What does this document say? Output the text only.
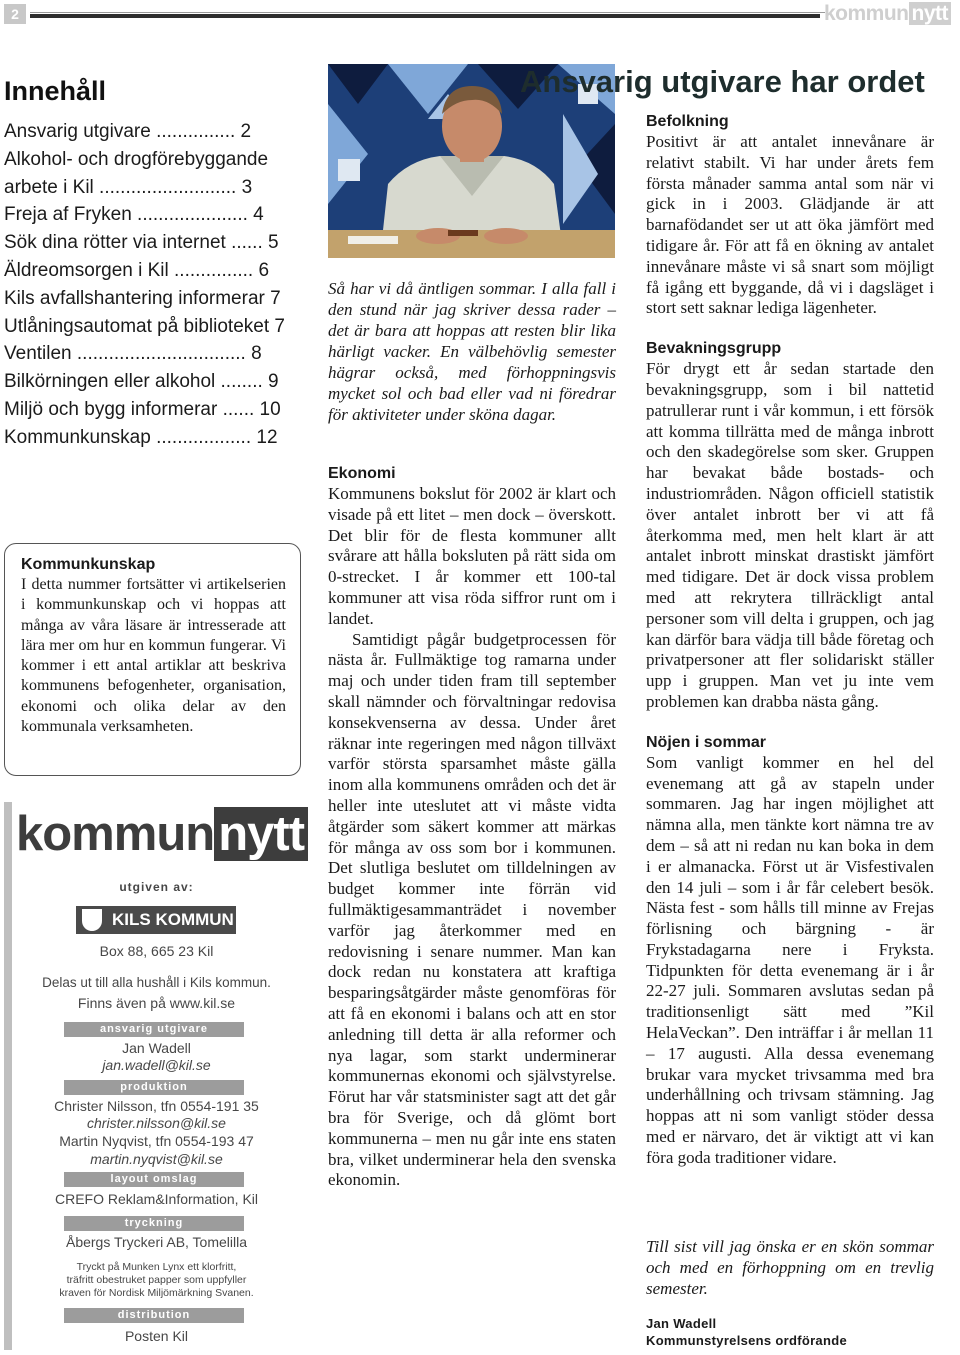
2	kommun nytt
Innehåll
Ansvarig utgivare ............... 2
Alkohol- och drogförebyggande
arbete i Kil .......................... 3
Freja af Fryken ..................... 4
Sök dina rötter via internet ...... 5
Äldreomsorgen i Kil ............... 6
Kils avfallshantering informerar 7
Utlåningsautomat på biblioteket 7
Ventilen ................................ 8
Bilkörningen eller alkohol ........ 9
Miljö och bygg informerar ...... 10
Kommunkunskap .................. 12
Kommunkunskap

I detta nummer fortsätter vi artikelserien i kommunkunskap och vi hoppas att många av våra läsare är intresserade att lära mer om hur en kommun fungerar. Vi kommer i ett antal artiklar att beskriva kommunens befogenheter, organisation, ekonomi och olika delar av den kommunala verksamheten.

kommunnytt
utgiven av:
KILS KOMMUN
Box 88, 665 23 Kil
Delas ut till alla hushåll i Kils kommun.
Finns även på www.kil.se
ansvarig utgivare
Jan Wadell
jan.wadell@kil.se
produktion
Christer Nilsson, tfn 0554-191 35
christer.nilsson@kil.se
Martin Nyqvist, tfn 0554-193 47
martin.nyqvist@kil.se
layout omslag
CREFO Reklam&Information, Kil
tryckning
Åbergs Tryckeri AB, Tomelilla
Tryckt på Munken Lynx ett klorfritt,
träfritt obestruket papper som uppfyller
kraven för Nordisk Miljömärkning Svanen.
distribution
Posten Kil
Ansvarig utgivare har ordet

Så har vi då äntligen sommar. I alla fall i den stund när jag skriver dessa rader – det är bara att hoppas att resten blir lika härligt vacker. En välbehövlig semester hägrar också, med förhoppningsvis mycket sol och bad eller vad ni föredrar för aktiviteter under sköna dagar.

Ekonomi

Kommunens bokslut för 2002 är klart och visade på ett litet – men dock – överskott. Det blir för de flesta kommuner allt svårare att hålla boksluten på rätt sida om 0-strecket. I år kommer ett 100-tal kommuner att visa röda siffror runt om i landet.

Samtidigt pågår budgetprocessen för nästa år. Fullmäktige tog ramarna under maj och under tiden fram till september skall nämnder och förvaltningar redovisa konsekvenserna av dessa. Under året räknar inte regeringen med någon tillväxt varför största sparsamhet måste gälla inom alla kommunens områden och det är heller inte uteslutet att vi måste vidta åtgärder som säkert kommer att märkas för många av oss som bor i kommunen. Det slutliga beslutet om tilldelningen av budget kommer inte förrän vid fullmäktigesammanträdet i november varför jag återkommer med en redovisning i senare nummer. Man kan dock redan nu konstatera att kraftiga besparingsåtgärder måste genomföras för att få en ekonomi i balans och att en stor anledning till detta är alla reformer och nya lagar, som starkt underminerar kommunernas ekonomi och självstyrelse. Förut har vår statsminister sagt att det går bra för Sverige, och då glömt bort kommunerna – men nu går inte ens staten bra, vilket underminerar hela den svenska ekonomin.

Befolkning

Positivt är att antalet innevånare är relativt stabilt. Vi har under årets fem första månader samma antal som när vi gick in i 2003. Glädjande är att barnafödandet ser ut att öka jämfört med tidigare år. För att få en ökning av antalet innevånare måste vi så snart som möjligt få igång ett byggande, då vi i dagsläget i stort sett saknar lediga lägenheter.

Bevakningsgrupp

För drygt ett år sedan startade den bevakningsgrupp, som i bil nattetid patrullerar runt i vår kommun, i ett försök att komma tillrätta med de många inbrott och den skadegörelse som sker. Gruppen har bevakat både bostads- och industriområden. Någon officiell statistik över antalet inbrott ber vi att få återkomma med, men helt klart är att antalet inbrott minskat drastiskt jämfört med tidigare. Det är dock vissa problem med att rekrytera tillräckligt antal personer som vill delta i gruppen, och jag kan därför bara vädja till både företag och privatpersoner att fler solidariskt ställer upp i gruppen. Man vet ju inte vem problemen kan drabba nästa gång.

Nöjen i sommar

Som vanligt kommer en hel del evenemang att gå av stapeln under sommaren. Jag har ingen möjlighet att nämna alla, men tänkte kort nämna tre av dem – så att ni redan nu kan boka in dem i er almanacka. Först ut är Visfestivalen den 14 juli – som i år får celebert besök. Nästa fest - som hålls till minne av Frejas förlisning och bärgning - är Frykstadagarna nere i Fryksta. Tidpunkten för detta evenemang är i år 22-27 juli. Sommaren avslutas sedan på traditionsenligt sätt med ”Kil HelaVeckan”. Den inträffar i år mellan 11 – 17 augusti. Alla dessa evenemang brukar vara mycket trivsamma med bra underhållning och trivsam stämning. Jag hoppas att ni som vanligt stöder dessa med er närvaro, det är viktigt att vi kan föra goda traditioner vidare.

Till sist vill jag önska er en skön sommar och med en förhoppning om en trevlig semester.

Jan Wadell
Kommunstyrelsens ordförande
